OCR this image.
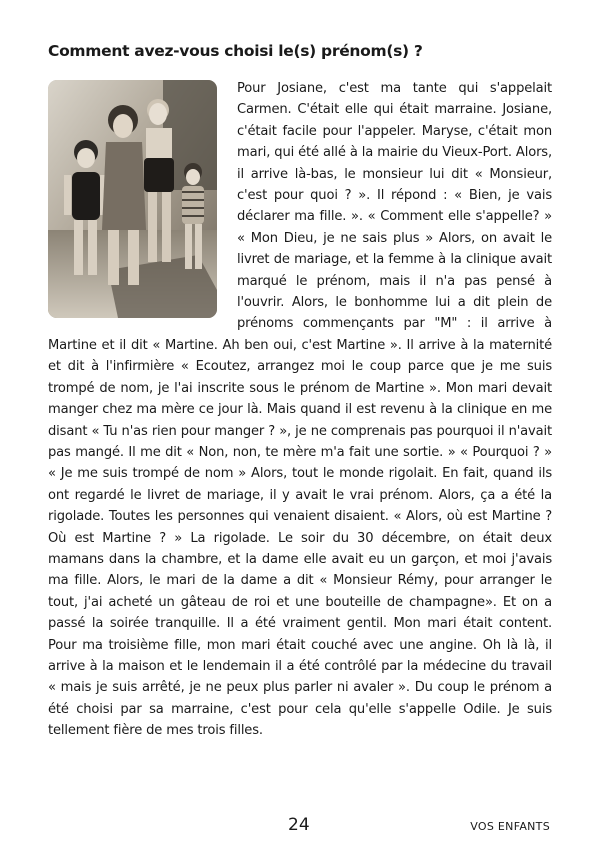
Comment avez-vous choisi le(s) prénom(s) ?
Pour Josiane, c'est ma tante qui s'appelait Carmen. C'était elle qui était marraine. Josiane, c'était facile pour l'appeler. Maryse, c'était mon mari, qui été allé à la mairie du Vieux-Port. Alors, il arrive là-bas, le monsieur lui dit « Monsieur, c'est pour quoi ? ». Il répond : « Bien, je vais déclarer ma fille. ». « Comment elle s'appelle? » « Mon Dieu, je ne sais plus » Alors, on avait le livret de mariage, et la femme à la clinique avait marqué le prénom, mais il n'a pas pensé à l'ouvrir. Alors, le bonhomme lui a dit plein de prénoms commençants par "M" : il arrive à Martine et il dit « Martine. Ah ben oui, c'est Martine ». Il arrive à la maternité et dit à l'infirmière « Ecoutez, arrangez moi le coup parce que je me suis trompé de nom, je l'ai inscrite sous le prénom de Martine ». Mon mari devait manger chez ma mère ce jour là. Mais quand il est revenu à la clinique en me disant « Tu n'as rien pour manger ? », je ne comprenais pas pourquoi il n'avait pas mangé. Il me dit « Non, non, te mère m'a fait une sortie. » « Pourquoi ? » « Je me suis trompé de nom » Alors, tout le monde rigolait. En fait, quand ils ont regardé le livret de mariage, il y avait le vrai prénom. Alors, ça a été la rigolade. Toutes les personnes qui venaient disaient. « Alors, où est Martine ? Où est Martine ? » La rigolade. Le soir du 30 décembre, on était deux mamans dans la chambre, et la dame elle avait eu un garçon, et moi j'avais ma fille. Alors, le mari de la dame a dit « Monsieur Rémy, pour arranger le tout, j'ai acheté un gâteau de roi et une bouteille de champagne». Et on a passé la soirée tranquille. Il a été vraiment gentil. Mon mari était content. Pour ma troisième fille, mon mari était couché avec une angine. Oh là là, il arrive à la maison et le lendemain il a été contrôlé par la médecine du travail « mais je suis arrêté, je ne peux plus parler ni avaler ». Du coup le prénom a été choisi par sa marraine, c'est pour cela qu'elle s'appelle Odile. Je suis tellement fière de mes trois filles.
24	VOS ENFANTS
